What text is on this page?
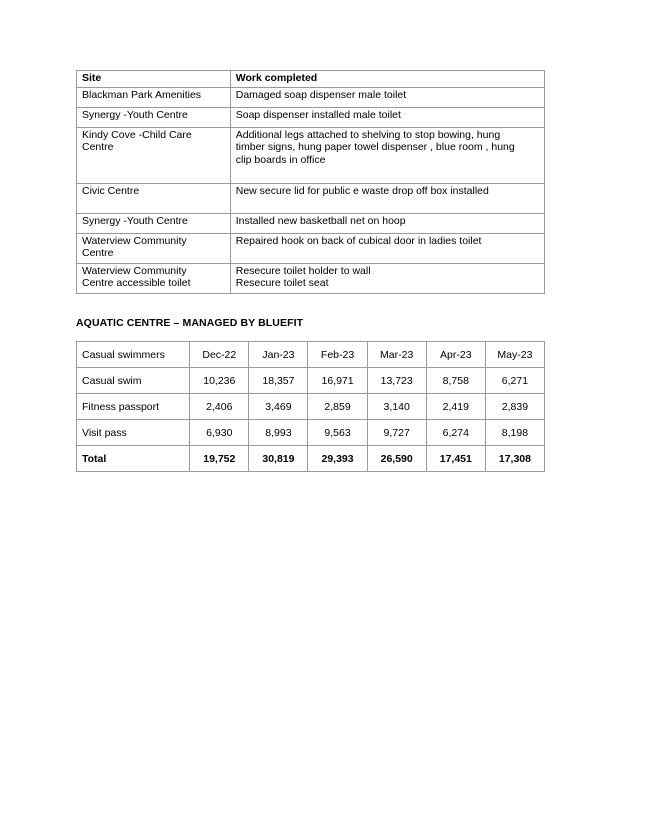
Site	Work completed

Blackman Park Amenities	Damaged soap dispenser male toilet

Synergy -Youth Centre	Soap dispenser installed male toilet

Kindy Cove -Child Care
Centre	Additional legs attached to shelving to stop bowing, hung
timber signs, hung paper towel dispenser , blue room , hung
clip boards in office

Civic Centre	New secure lid for public e waste drop off box installed

Synergy -Youth Centre	Installed new basketball net on hoop

Waterview Community
Centre	Repaired hook on back of cubical door in ladies toilet

Waterview Community
Centre accessible toilet	Resecure toilet holder to wall
Resecure toilet seat
AQUATIC CENTRE – MANAGED BY BLUEFIT
Casual swimmers	Dec-22	Jan-23	Feb-23	Mar-23	Apr-23	May-23
Casual swim	10,236	18,357	16,971	13,723	8,758	6,271
Fitness passport	2,406	3,469	2,859	3,140	2,419	2,839
Visit pass	6,930	8,993	9,563	9,727	6,274	8,198
Total	19,752	30,819	29,393	26,590	17,451	17,308
